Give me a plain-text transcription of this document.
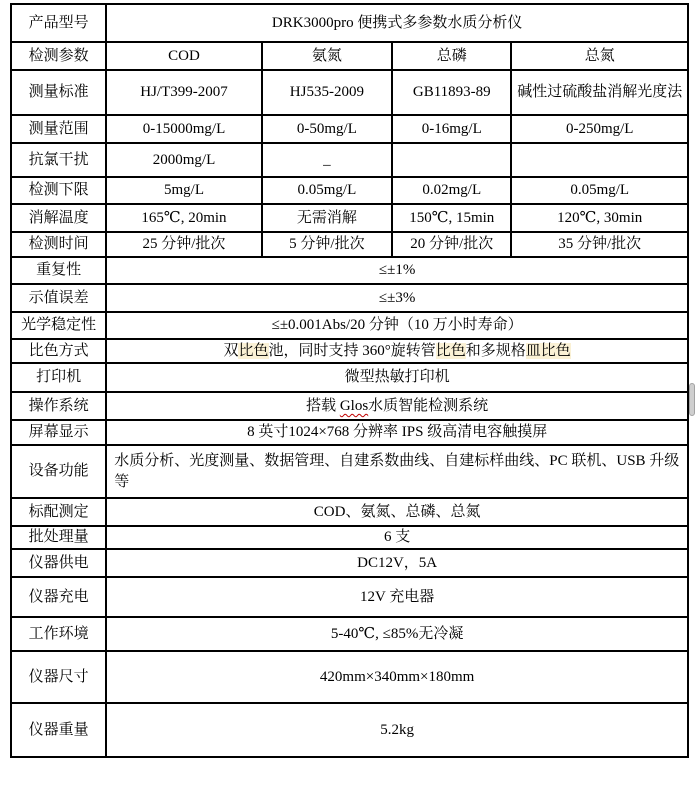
产品型号	DRK3000pro 便携式多参数水质分析仪			
检测参数	COD	氨氮	总磷	总氮
测量标准	HJ/T399-2007	HJ535-2009	GB11893-89	碱性过硫酸盐消解光度法
测量范围	0-15000mg/L	0-50mg/L	0-16mg/L	0-250mg/L
抗氯干扰	2000mg/L	_		
检测下限	5mg/L	0.05mg/L	0.02mg/L	0.05mg/L
消解温度	165℃, 20min	无需消解	150℃, 15min	120℃, 30min
检测时间	25 分钟/批次	5 分钟/批次	20 分钟/批次	35 分钟/批次
重复性	≤±1%			
示值误差	≤±3%			
光学稳定性	≤±0.001Abs/20 分钟（10 万小时寿命）			
比色方式	双比色池，同时支持 360°旋转管比色和多规格皿比色			
打印机	微型热敏打印机			
操作系统	搭载 Glos水质智能检测系统			
屏幕显示	8 英寸1024×768 分辨率 IPS 级高清电容触摸屏			
设备功能	水质分析、光度测量、数据管理、自建系数曲线、自建标样曲线、PC 联机、USB 升级等			
标配测定	COD、氨氮、总磷、总氮			
批处理量	6 支			
仪器供电	DC12V，5A			
仪器充电	12V 充电器			
工作环境	5-40℃, ≤85%无冷凝			
仪器尺寸	420mm×340mm×180mm			
仪器重量	5.2kg			
